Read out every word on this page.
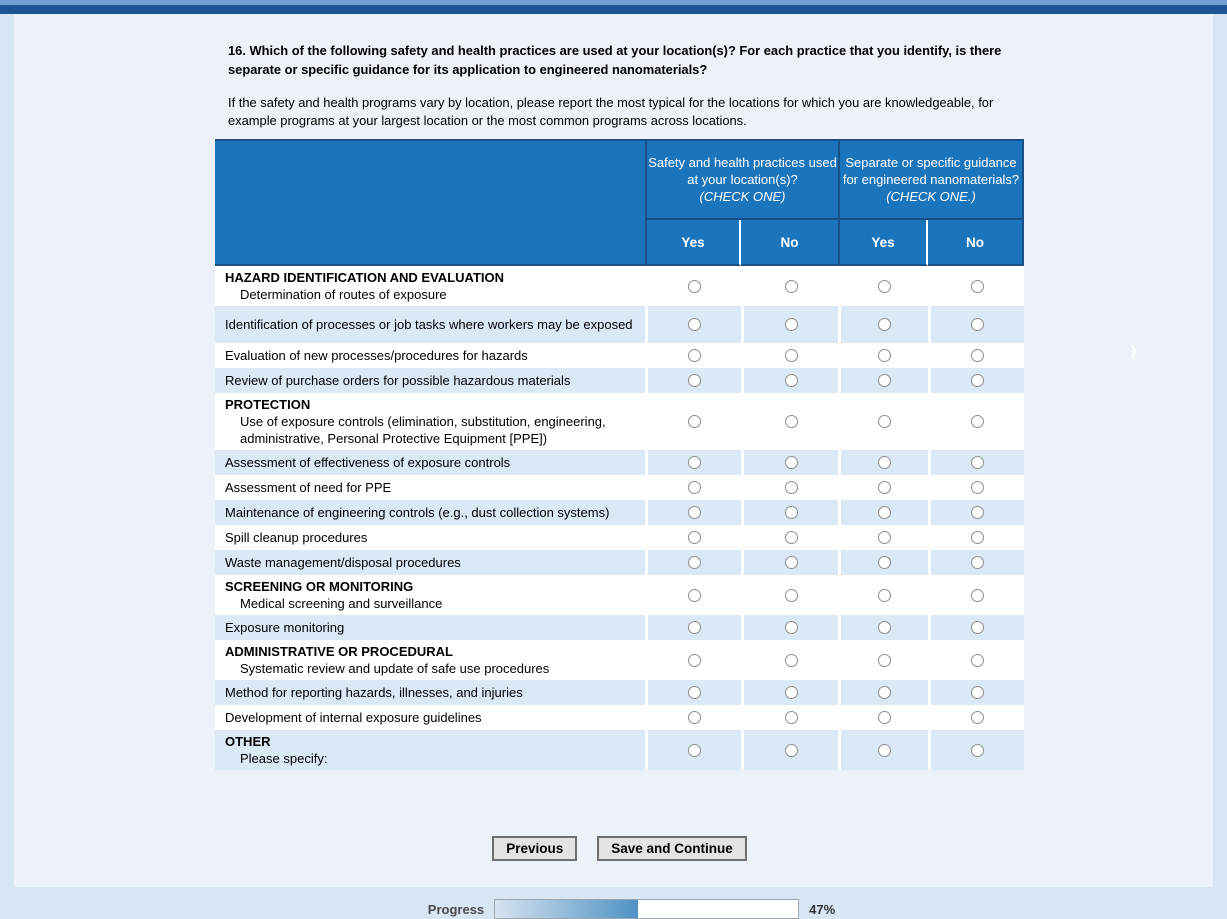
16. Which of the following safety and health practices are used at your location(s)? For each practice that you identify, is there separate or specific guidance for its application to engineered nanomaterials?
If the safety and health programs vary by location, please report the most typical for the locations for which you are knowledgeable, for example programs at your largest location or the most common programs across locations.
Safety and health practices used at your location(s)?
(CHECK ONE)
Separate or specific guidance for engineered nanomaterials?
(CHECK ONE.)
Yes	No	Yes	No
HAZARD IDENTIFICATION AND EVALUATION
Determination of routes of exposure
Identification of processes or job tasks where workers may be exposed
Evaluation of new processes/procedures for hazards
Review of purchase orders for possible hazardous materials
PROTECTION
Use of exposure controls (elimination, substitution, engineering, administrative, Personal Protective Equipment [PPE])
Assessment of effectiveness of exposure controls
Assessment of need for PPE
Maintenance of engineering controls (e.g., dust collection systems)
Spill cleanup procedures
Waste management/disposal procedures
SCREENING OR MONITORING
Medical screening and surveillance
Exposure monitoring
ADMINISTRATIVE OR PROCEDURAL
Systematic review and update of safe use procedures
Method for reporting hazards, illnesses, and injuries
Development of internal exposure guidelines
OTHER
Please specify:
Previous	Save and Continue
Progress	47%
❯
